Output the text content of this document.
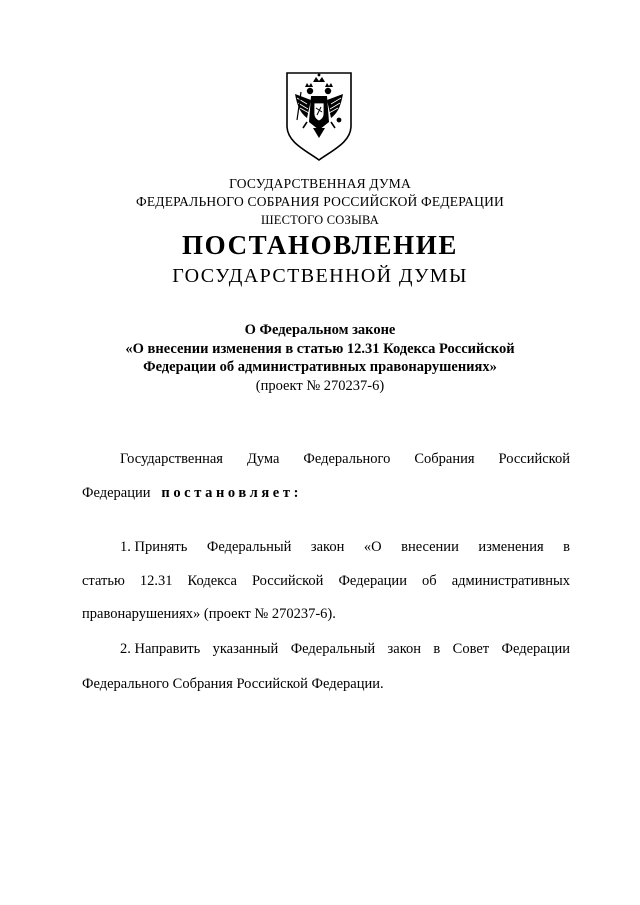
ГОСУДАРСТВЕННАЯ ДУМА
ФЕДЕРАЛЬНОГО СОБРАНИЯ РОССИЙСКОЙ ФЕДЕРАЦИИ
ШЕСТОГО СОЗЫВА
ПОСТАНОВЛЕНИЕ
ГОСУДАРСТВЕННОЙ ДУМЫ
О Федеральном законе
«О внесении изменения в статью 12.31 Кодекса Российской
Федерации об административных правонарушениях»
(проект № 270237-6)
Государственная Дума Федерального Собрания Российской
Федерации постановляет:
1. Принять Федеральный закон «О внесении изменения в
статью 12.31 Кодекса Российской Федерации об административных
правонарушениях» (проект № 270237-6).
2. Направить указанный Федеральный закон в Совет Федерации
Федерального Собрания Российской Федерации.
